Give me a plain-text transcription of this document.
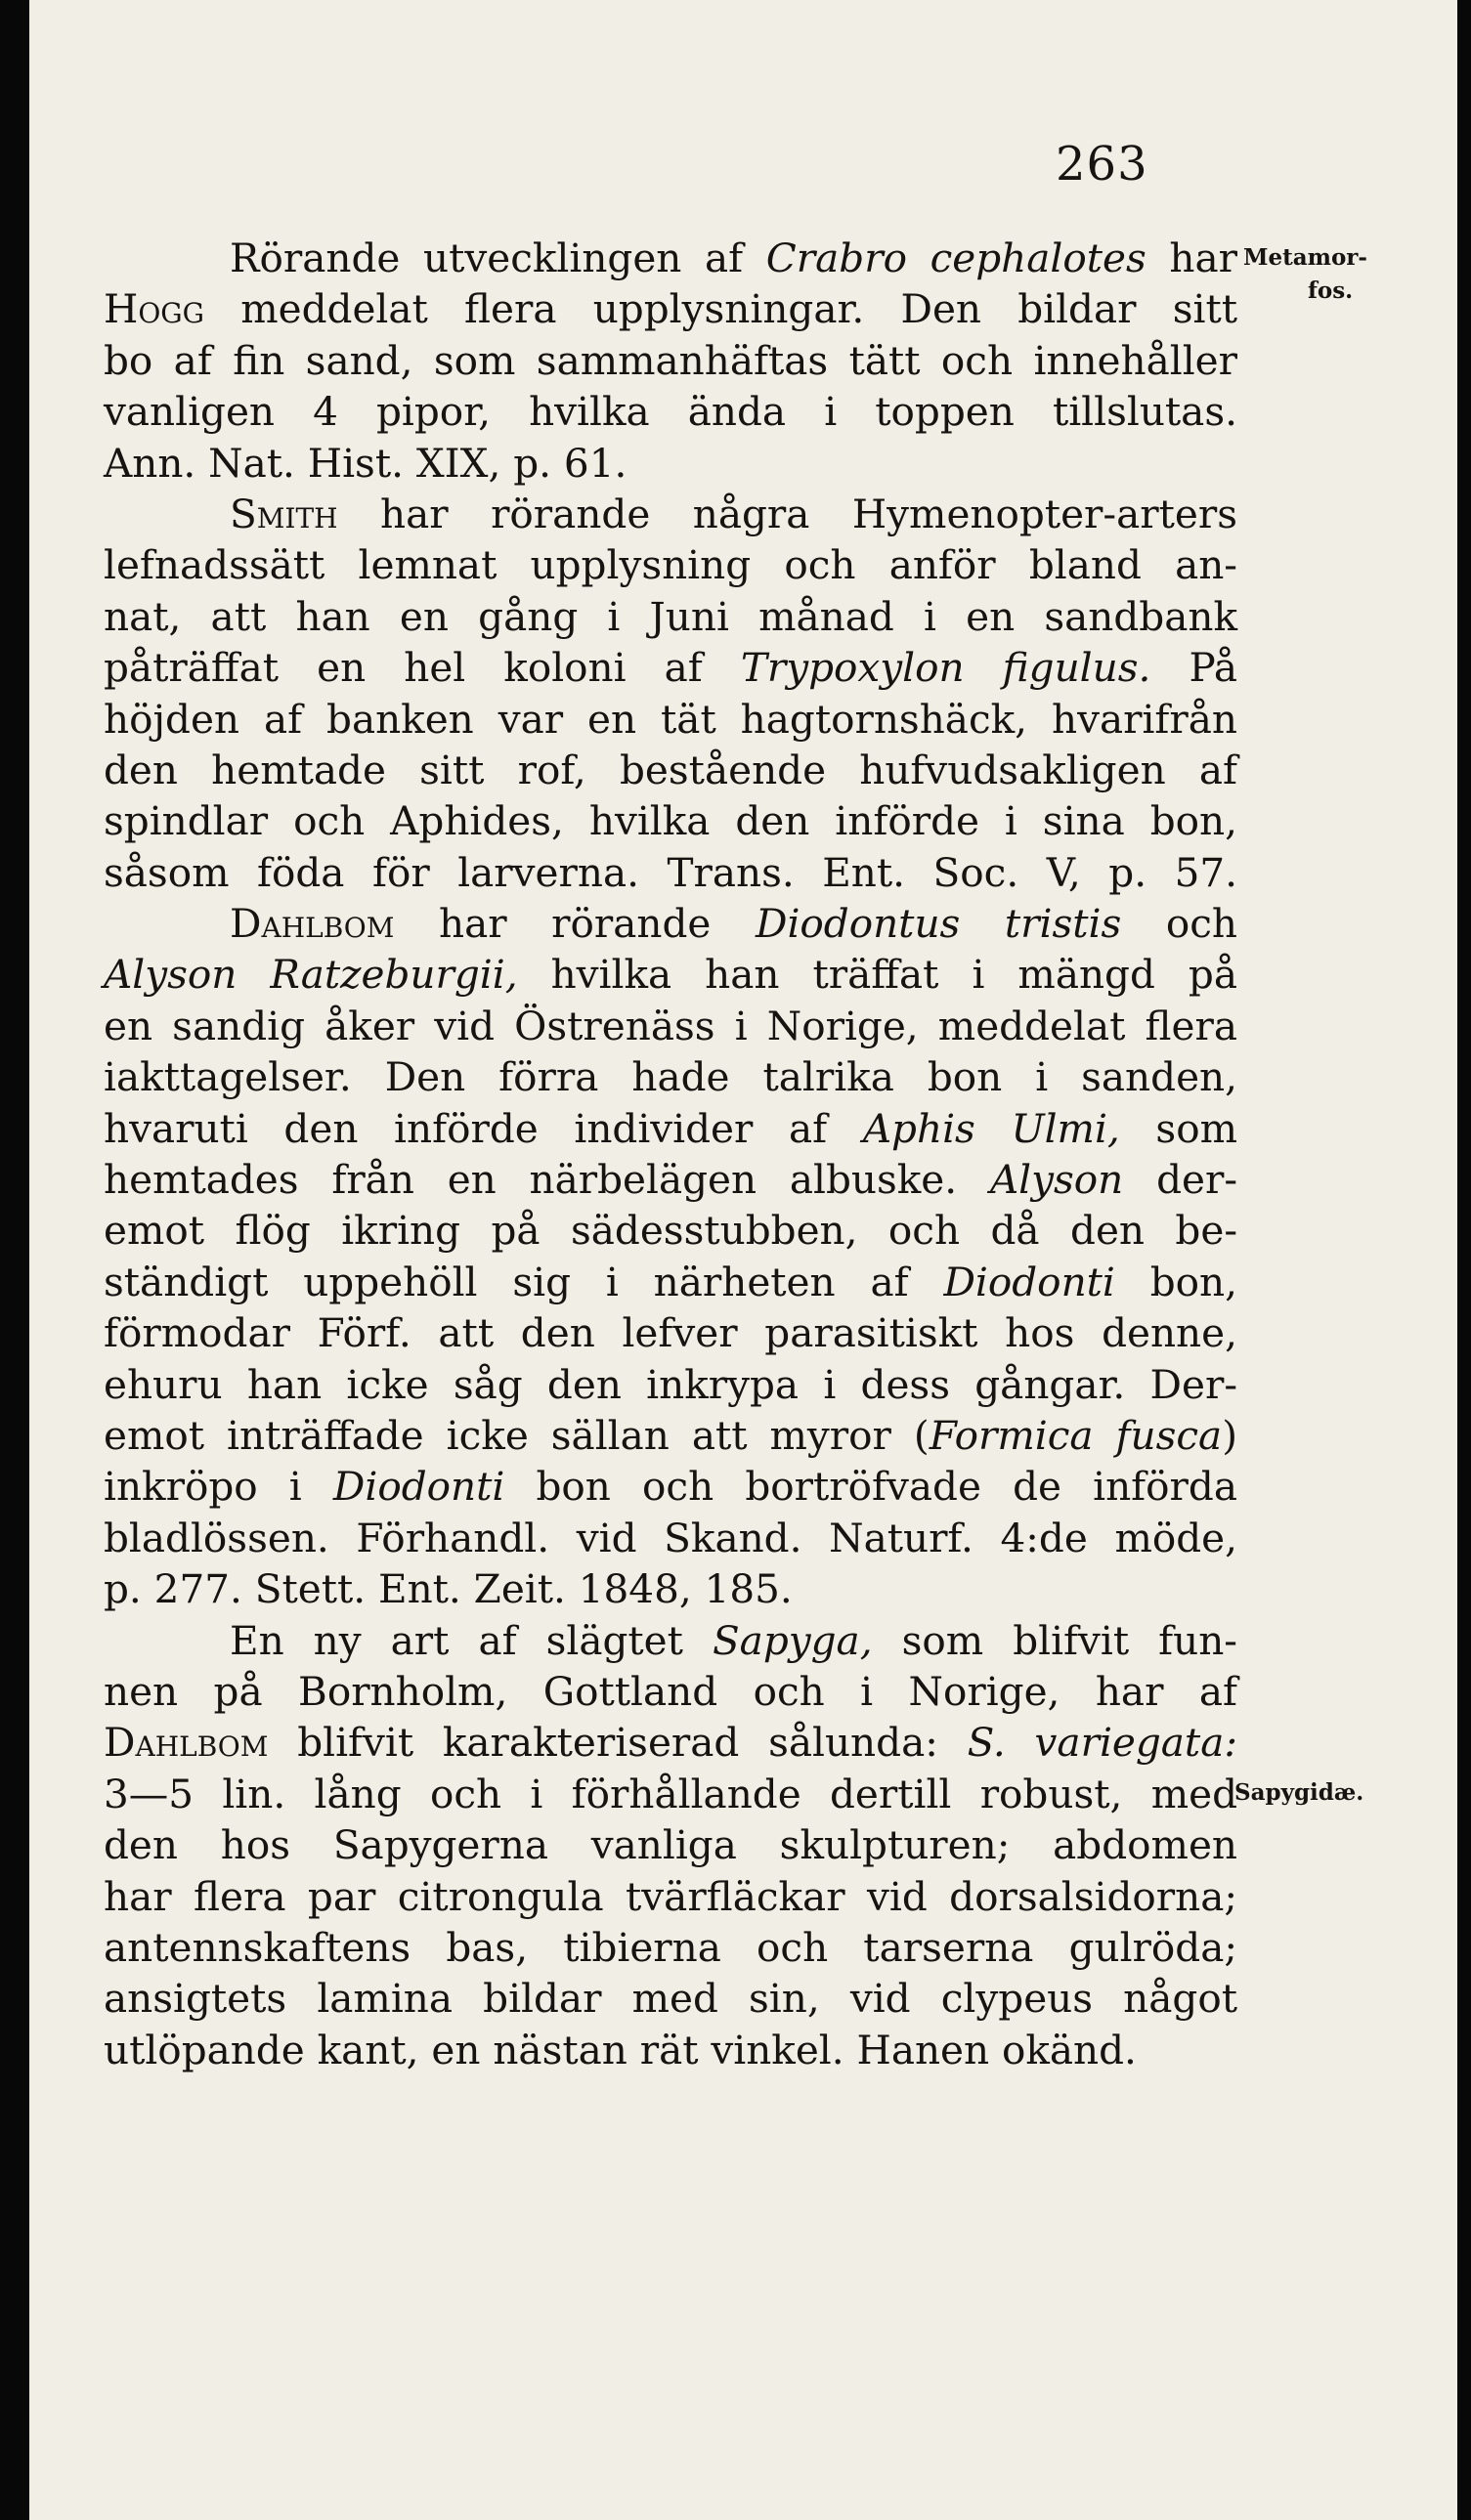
263
Metamor-
fos.
Sapygidæ.
Rörande utvecklingen af Crabro cephalotes har
Hogg meddelat flera upplysningar. Den bildar sitt
bo af fin sand, som sammanhäftas tätt och innehåller
vanligen 4 pipor, hvilka ända i toppen tillslutas.
Ann. Nat. Hist. XIX, p. 61.
Smith har rörande några Hymenopter-arters
lefnadssätt lemnat upplysning och anför bland an-
nat, att han en gång i Juni månad i en sandbank
påträffat en hel koloni af Trypoxylon figulus. På
höjden af banken var en tät hagtornshäck, hvarifrån
den hemtade sitt rof, bestående hufvudsakligen af
spindlar och Aphides, hvilka den införde i sina bon,
såsom föda för larverna. Trans. Ent. Soc. V, p. 57.
Dahlbom har rörande Diodontus tristis och
Alyson Ratzeburgii, hvilka han träffat i mängd på
en sandig åker vid Östrenäss i Norige, meddelat flera
iakttagelser. Den förra hade talrika bon i sanden,
hvaruti den införde individer af Aphis Ulmi, som
hemtades från en närbelägen albuske. Alyson der-
emot flög ikring på sädesstubben, och då den be-
ständigt uppehöll sig i närheten af Diodonti bon,
förmodar Förf. att den lefver parasitiskt hos denne,
ehuru han icke såg den inkrypa i dess gångar. Der-
emot inträffade icke sällan att myror (Formica fusca)
inkröpo i Diodonti bon och bortröfvade de införda
bladlössen. Förhandl. vid Skand. Naturf. 4:de möde,
p. 277. Stett. Ent. Zeit. 1848, 185.
En ny art af slägtet Sapyga, som blifvit fun-
nen på Bornholm, Gottland och i Norige, har af
Dahlbom blifvit karakteriserad sålunda: S. variegata:
3—5 lin. lång och i förhållande dertill robust, med
den hos Sapygerna vanliga skulpturen; abdomen
har flera par citrongula tvärfläckar vid dorsalsidorna;
antennskaftens bas, tibierna och tarserna gulröda;
ansigtets lamina bildar med sin, vid clypeus något
utlöpande kant, en nästan rät vinkel. Hanen okänd.
